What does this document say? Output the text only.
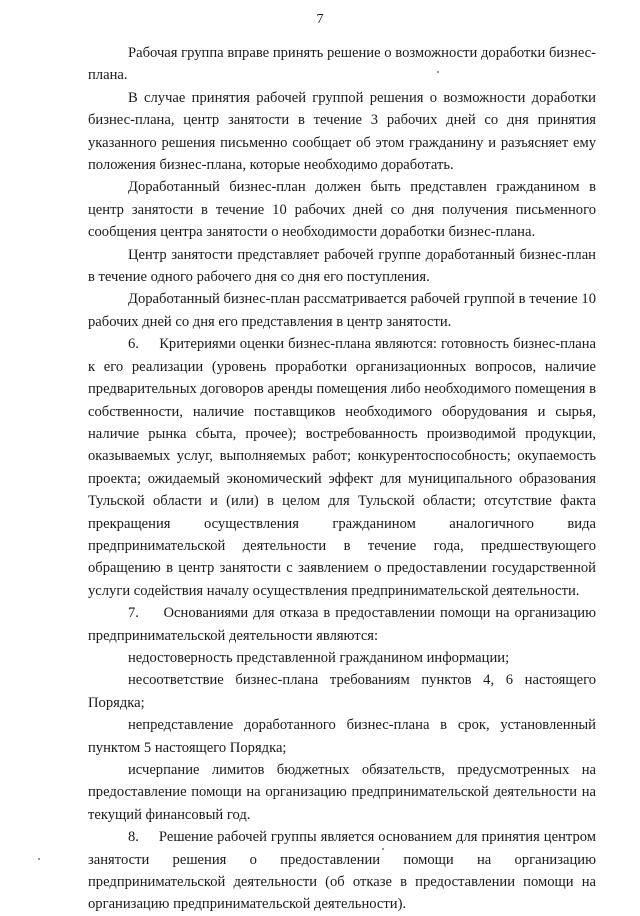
7

Рабочая группа вправе принять решение о возможности доработки бизнес-плана.

В случае принятия рабочей группой решения о возможности доработки бизнес-плана, центр занятости в течение 3 рабочих дней со дня принятия указанного решения письменно сообщает об этом гражданину и разъясняет ему положения бизнес-плана, которые необходимо доработать.

Доработанный бизнес-план должен быть представлен гражданином в центр занятости в течение 10 рабочих дней со дня получения письменного сообщения центра занятости о необходимости доработки бизнес-плана.

Центр занятости представляет рабочей группе доработанный бизнес-план в течение одного рабочего дня со дня его поступления.

Доработанный бизнес-план рассматривается рабочей группой в течение 10 рабочих дней со дня его представления в центр занятости.

6.     Критериями оценки бизнес-плана являются: готовность бизнес-плана к его реализации (уровень проработки организационных вопросов, наличие предварительных договоров аренды помещения либо необходимого помещения в собственности, наличие поставщиков необходимого оборудования и сырья, наличие рынка сбыта, прочее); востребованность производимой продукции, оказываемых услуг, выполняемых работ; конкурентоспособность; окупаемость проекта; ожидаемый экономический эффект для муниципального образования Тульской области и (или) в целом для Тульской области; отсутствие факта прекращения осуществления гражданином аналогичного вида предпринимательской деятельности в течение года, предшествующего обращению в центр занятости с заявлением о предоставлении государственной услуги содействия началу осуществления предпринимательской деятельности.

7.     Основаниями для отказа в предоставлении помощи на организацию предпринимательской деятельности являются:

недостоверность представленной гражданином информации;

несоответствие бизнес-плана требованиям пунктов 4, 6 настоящего Порядка;

непредставление доработанного бизнес-плана в срок, установленный пунктом 5 настоящего Порядка;

исчерпание лимитов бюджетных обязательств, предусмотренных на предоставление помощи на организацию предпринимательской деятельности на текущий финансовый год.

8.     Решение рабочей группы является основанием для принятия центром занятости решения о предоставлении помощи на организацию предпринимательской деятельности (об отказе в предоставлении помощи на организацию предпринимательской деятельности).
